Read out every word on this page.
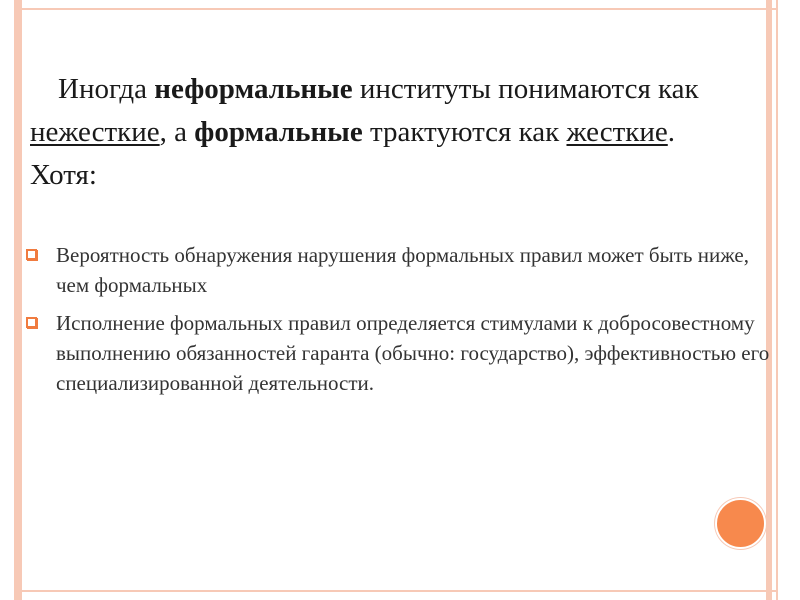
Иногда неформальные институты понимаются как нежесткие, а формальные трактуются как жесткие. Хотя:
Вероятность обнаружения нарушения формальных правил может быть ниже, чем формальных
Исполнение формальных правил определяется стимулами к добросовестному выполнению обязанностей гаранта (обычно: государство), эффективностью его специализированной деятельности.
